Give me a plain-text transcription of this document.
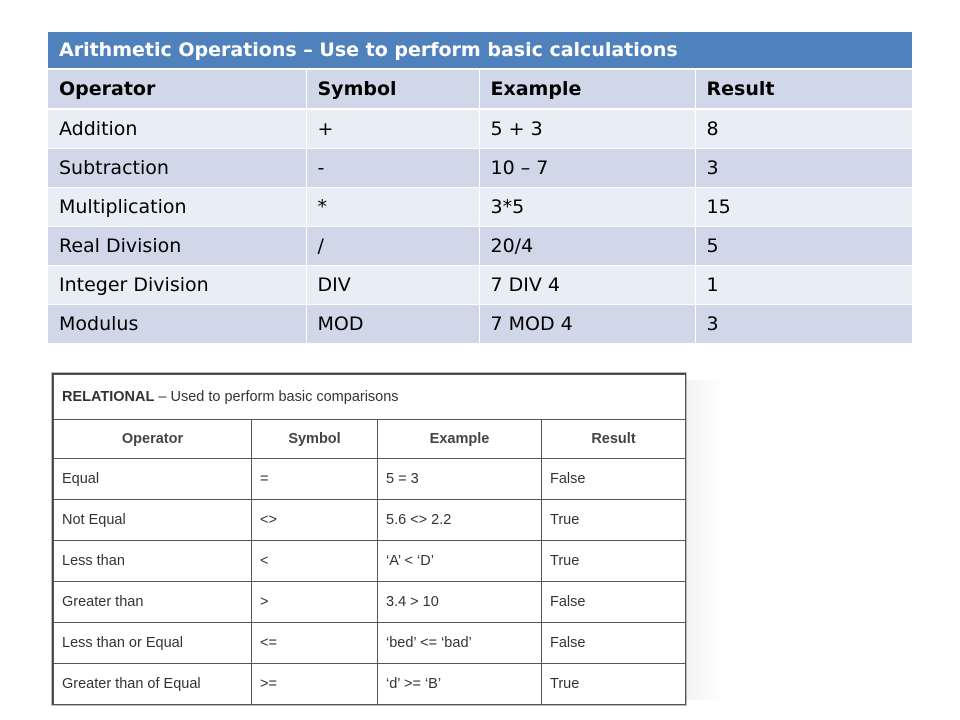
Arithmetic Operations – Use to perform basic calculations			
Operator	Symbol	Example	Result
Addition	+	5 + 3	8
Subtraction	-	10 – 7	3
Multiplication	*	3*5	15
Real Division	/	20/4	5
Integer Division	DIV	7 DIV 4	1
Modulus	MOD	7 MOD 4	3
RELATIONAL – Used to perform basic comparisons			
Operator	Symbol	Example	Result
Equal	=	5 = 3	False
Not Equal	<>	5.6 <> 2.2	True
Less than	<	‘A’ < ‘D’	True
Greater than	>	3.4 > 10	False
Less than or Equal	<=	‘bed’ <= ‘bad’	False
Greater than of Equal	>=	‘d’ >= ‘B’	True
